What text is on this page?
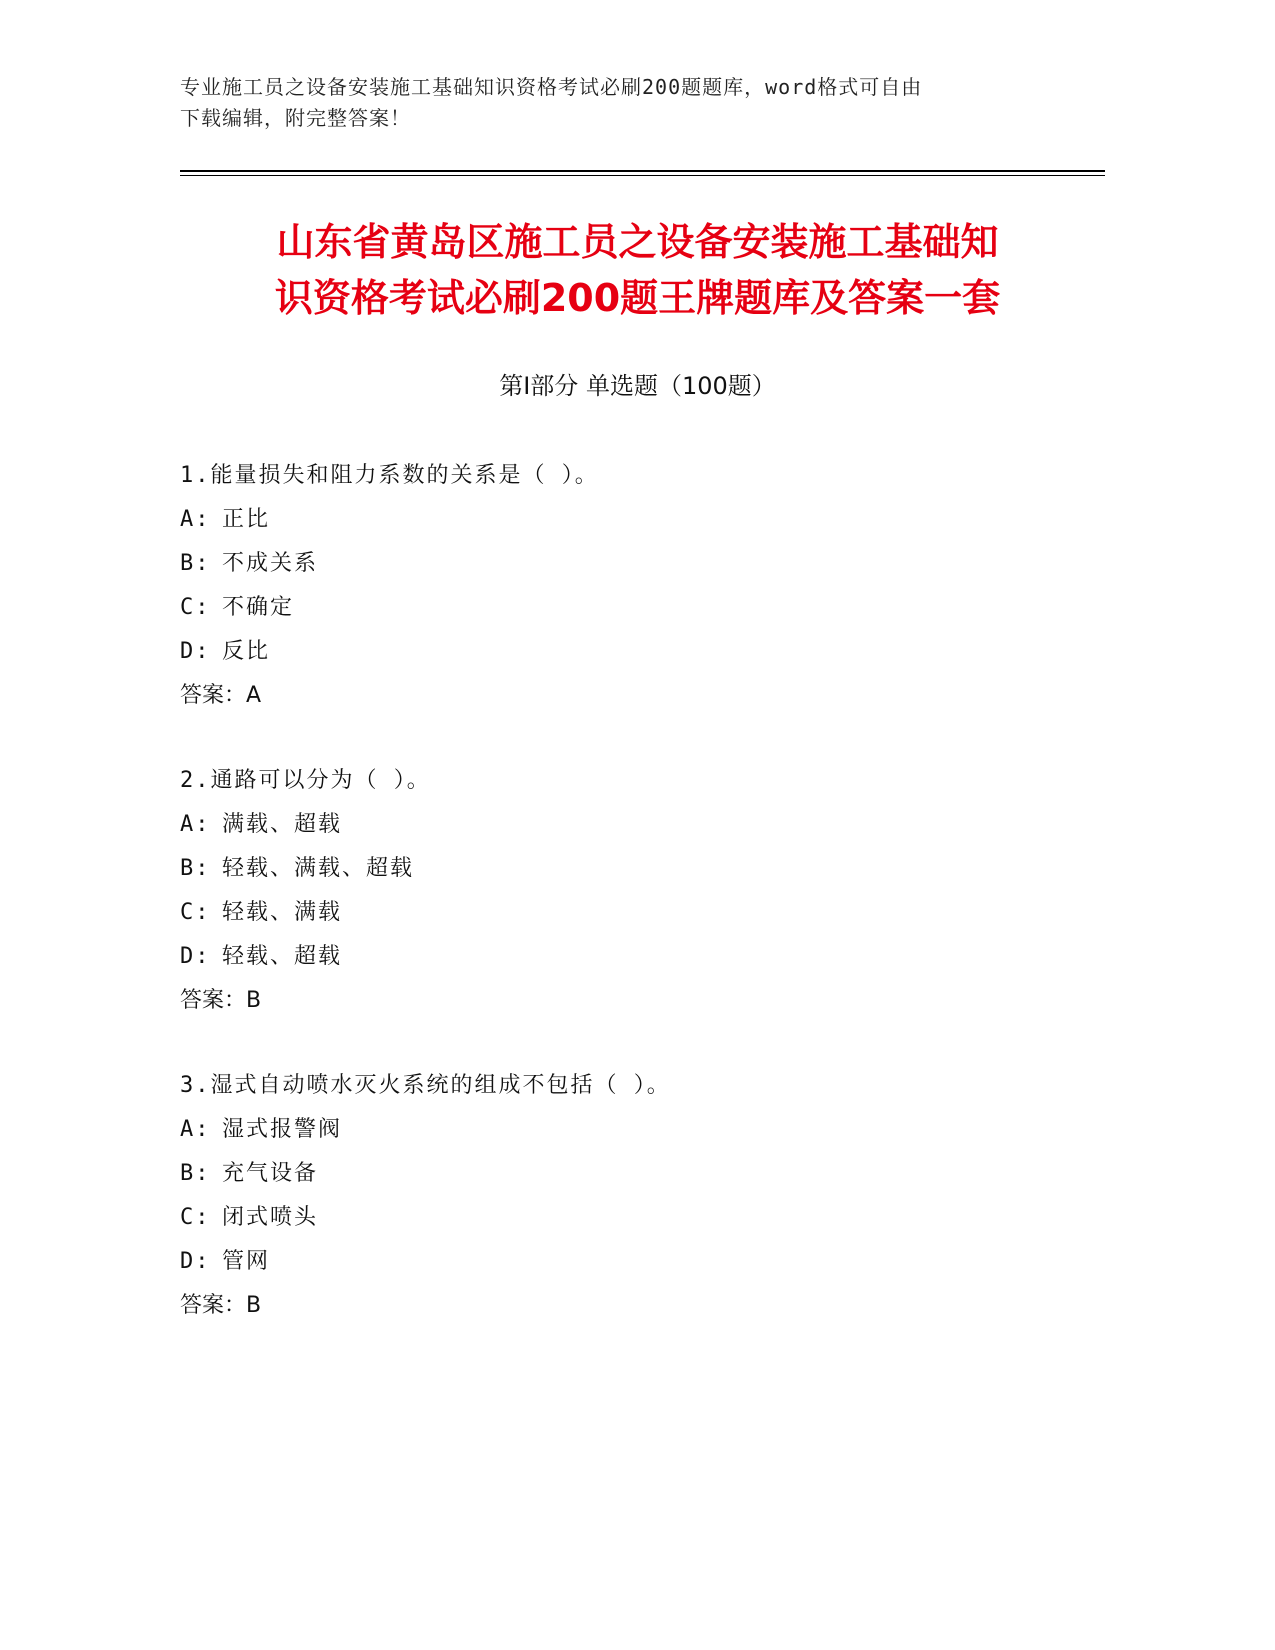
专业施工员之设备安装施工基础知识资格考试必刷200题题库，word格式可自由
下载编辑，附完整答案！
山东省黄岛区施工员之设备安装施工基础知
识资格考试必刷200题王牌题库及答案一套
第Ⅰ部分 单选题（100题）
1.能量损失和阻力系数的关系是（ ）。
A: 正比
B: 不成关系
C: 不确定
D: 反比
答案：A
2.通路可以分为（ ）。
A: 满载、超载
B: 轻载、满载、超载
C: 轻载、满载
D: 轻载、超载
答案：B
3.湿式自动喷水灭火系统的组成不包括（ ）。
A: 湿式报警阀
B: 充气设备
C: 闭式喷头
D: 管网
答案：B
